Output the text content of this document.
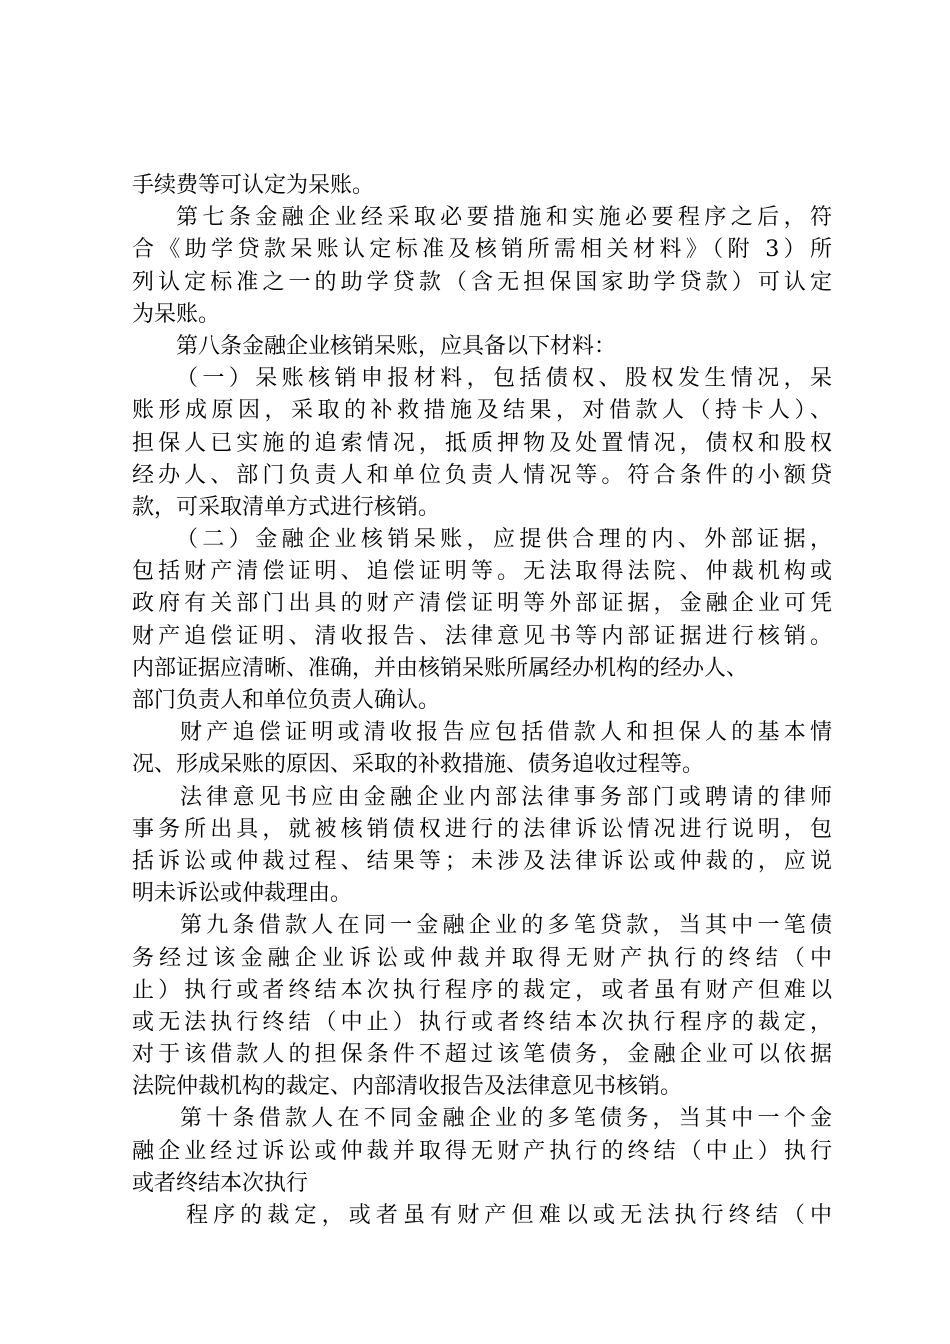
手续费等可认定为呆账。
第七条金融企业经采取必要措施和实施必要程序之后，符
合《助学贷款呆账认定标准及核销所需相关材料》（附 3）所
列认定标准之一的助学贷款（含无担保国家助学贷款）可认定
为呆账。
第八条金融企业核销呆账，应具备以下材料：
（一）呆账核销申报材料，包括债权、股权发生情况，呆
账形成原因，采取的补救措施及结果，对借款人（持卡人）、
担保人已实施的追索情况，抵质押物及处置情况，债权和股权
经办人、部门负责人和单位负责人情况等。符合条件的小额贷
款，可采取清单方式进行核销。
（二）金融企业核销呆账，应提供合理的内、外部证据，
包括财产清偿证明、追偿证明等。无法取得法院、仲裁机构或
政府有关部门出具的财产清偿证明等外部证据，金融企业可凭
财产追偿证明、清收报告、法律意见书等内部证据进行核销。
内部证据应清晰、准确，并由核销呆账所属经办机构的经办人、
部门负责人和单位负责人确认。
财产追偿证明或清收报告应包括借款人和担保人的基本情
况、形成呆账的原因、采取的补救措施、债务追收过程等。
法律意见书应由金融企业内部法律事务部门或聘请的律师
事务所出具，就被核销债权进行的法律诉讼情况进行说明，包
括诉讼或仲裁过程、结果等；未涉及法律诉讼或仲裁的，应说
明未诉讼或仲裁理由。
第九条借款人在同一金融企业的多笔贷款，当其中一笔债
务经过该金融企业诉讼或仲裁并取得无财产执行的终结（中
止）执行或者终结本次执行程序的裁定，或者虽有财产但难以
或无法执行终结（中止）执行或者终结本次执行程序的裁定，
对于该借款人的担保条件不超过该笔债务，金融企业可以依据
法院仲裁机构的裁定、内部清收报告及法律意见书核销。
第十条借款人在不同金融企业的多笔债务，当其中一个金
融企业经过诉讼或仲裁并取得无财产执行的终结（中止）执行
或者终结本次执行
程序的裁定，或者虽有财产但难以或无法执行终结（中
